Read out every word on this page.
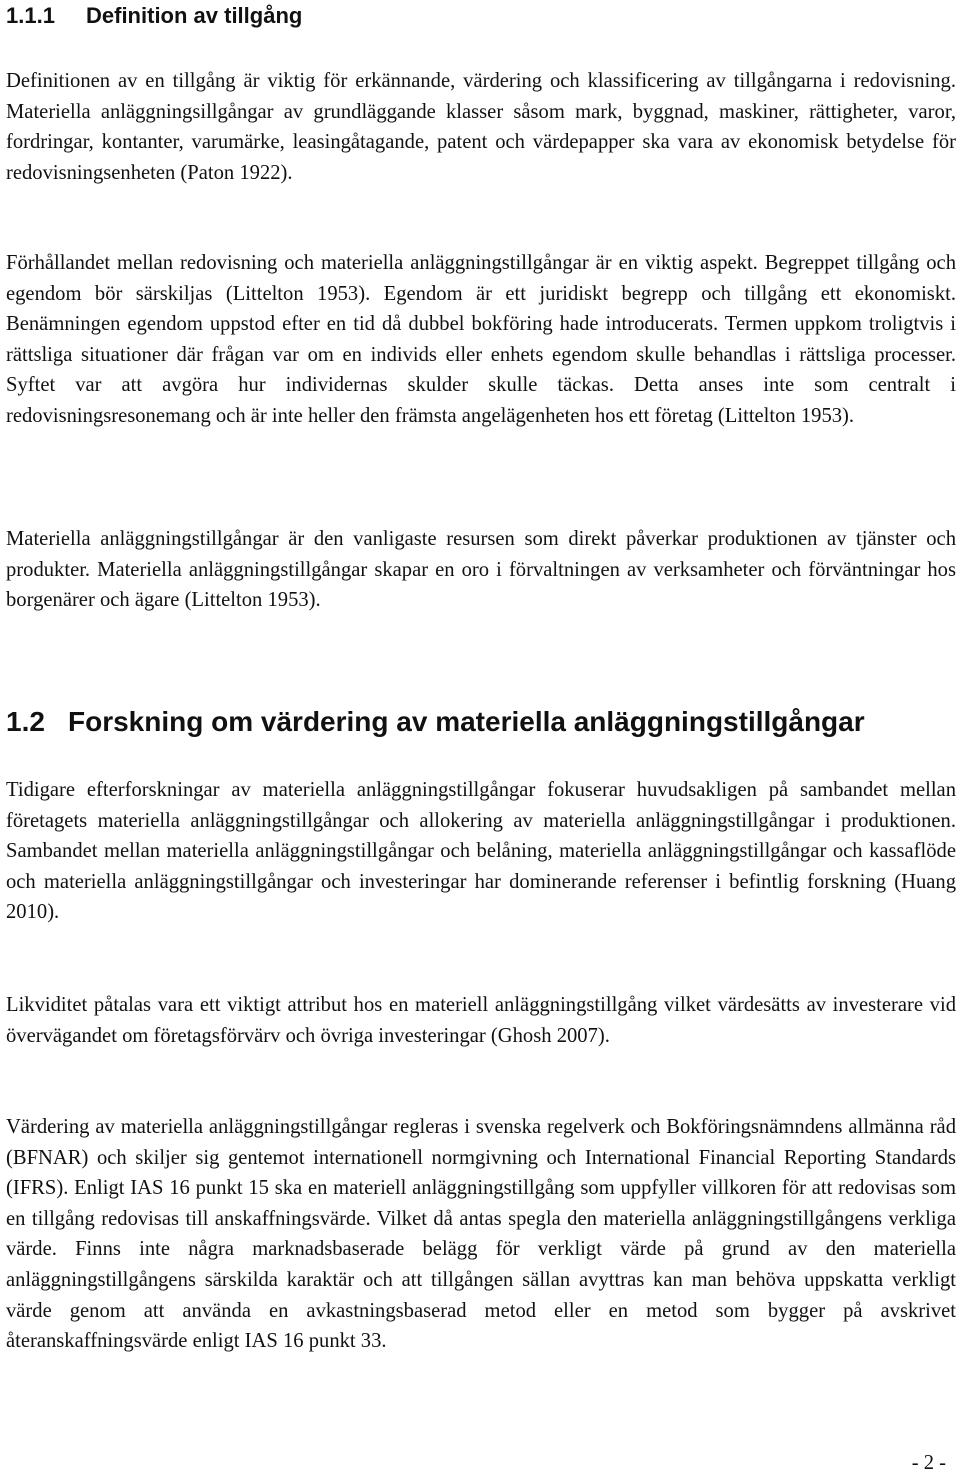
1.1.1 Definition av tillgång

Definitionen av en tillgång är viktig för erkännande, värdering och klassificering av tillgångarna i redovisning. Materiella anläggningsillgångar av grundläggande klasser såsom mark, byggnad, maskiner, rättigheter, varor, fordringar, kontanter, varumärke, leasingåtagande, patent och värdepapper ska vara av ekonomisk betydelse för redovisningsenheten (Paton 1922).

Förhållandet mellan redovisning och materiella anläggningstillgångar är en viktig aspekt. Begreppet tillgång och egendom bör särskiljas (Littelton 1953). Egendom är ett juridiskt begrepp och tillgång ett ekonomiskt. Benämningen egendom uppstod efter en tid då dubbel bokföring hade introducerats. Termen uppkom troligtvis i rättsliga situationer där frågan var om en individs eller enhets egendom skulle behandlas i rättsliga processer. Syftet var att avgöra hur individernas skulder skulle täckas. Detta anses inte som centralt i redovisningsresonemang och är inte heller den främsta angelägenheten hos ett företag (Littelton 1953).

Materiella anläggningstillgångar är den vanligaste resursen som direkt påverkar produktionen av tjänster och produkter. Materiella anläggningstillgångar skapar en oro i förvaltningen av verksamheter och förväntningar hos borgenärer och ägare (Littelton 1953).

1.2 Forskning om värdering av materiella anläggningstillgångar

Tidigare efterforskningar av materiella anläggningstillgångar fokuserar huvudsakligen på sambandet mellan företagets materiella anläggningstillgångar och allokering av materiella anläggningstillgångar i produktionen. Sambandet mellan materiella anläggningstillgångar och belåning, materiella anläggningstillgångar och kassaflöde och materiella anläggningstillgångar och investeringar har dominerande referenser i befintlig forskning (Huang 2010).

Likviditet påtalas vara ett viktigt attribut hos en materiell anläggningstillgång vilket värdesätts av investerare vid övervägandet om företagsförvärv och övriga investeringar (Ghosh 2007).

Värdering av materiella anläggningstillgångar regleras i svenska regelverk och Bokföringsnämndens allmänna råd (BFNAR) och skiljer sig gentemot internationell normgivning och International Financial Reporting Standards (IFRS). Enligt IAS 16 punkt 15 ska en materiell anläggningstillgång som uppfyller villkoren för att redovisas som en tillgång redovisas till anskaffningsvärde. Vilket då antas spegla den materiella anläggningstillgångens verkliga värde. Finns inte några marknadsbaserade belägg för verkligt värde på grund av den materiella anläggningstillgångens särskilda karaktär och att tillgången sällan avyttras kan man behöva uppskatta verkligt värde genom att använda en avkastningsbaserad metod eller en metod som bygger på avskrivet återanskaffningsvärde enligt IAS 16 punkt 33.

- 2 -
